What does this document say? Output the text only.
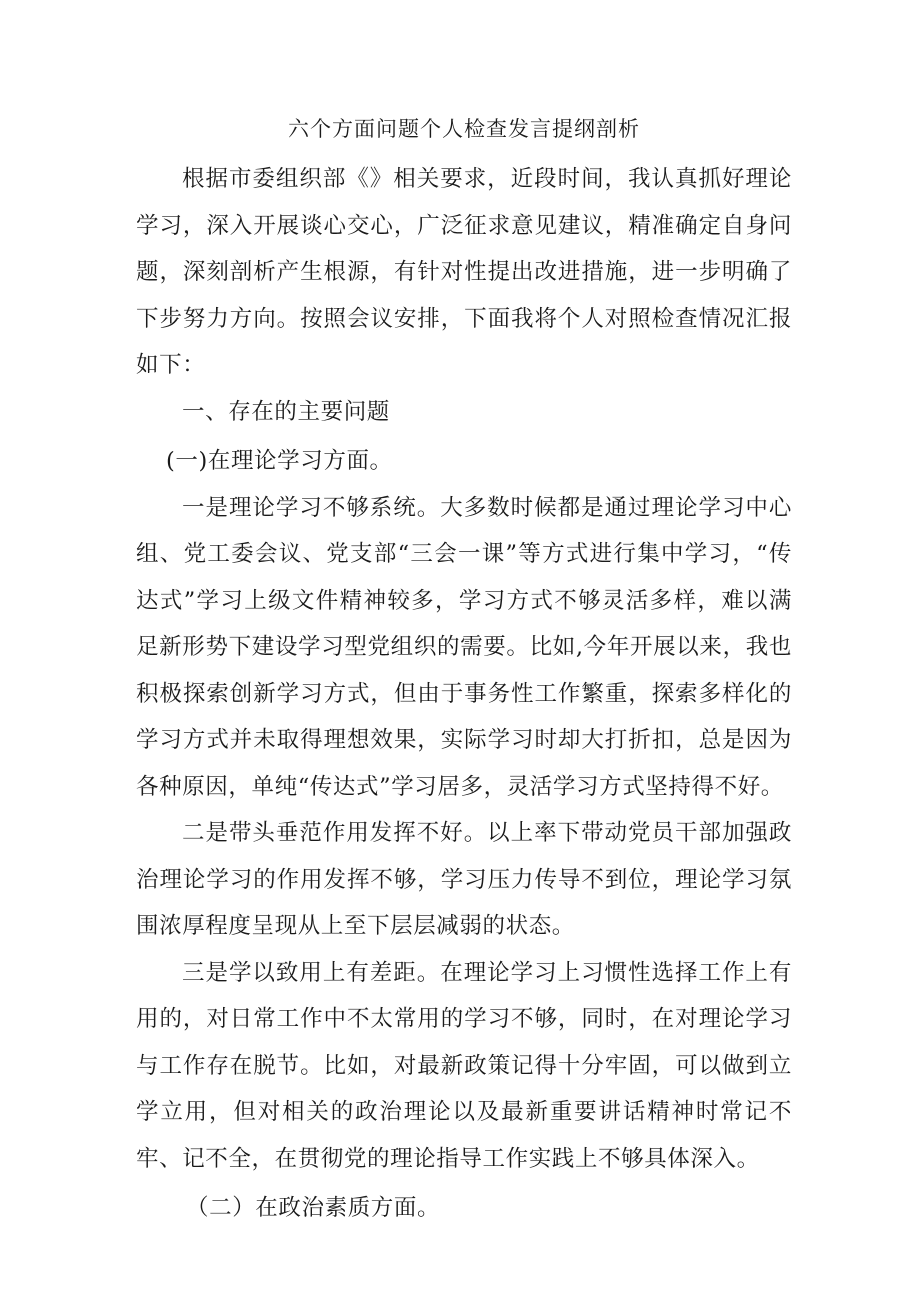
六个方面问题个人检查发言提纲剖析

根据市委组织部《》相关要求，近段时间，我认真抓好理论学习，深入开展谈心交心，广泛征求意见建议，精准确定自身问题，深刻剖析产生根源，有针对性提出改进措施，进一步明确了下步努力方向。按照会议安排，下面我将个人对照检查情况汇报如下：

一、存在的主要问题

(一)在理论学习方面。

一是理论学习不够系统。大多数时候都是通过理论学习中心组、党工委会议、党支部“三会一课”等方式进行集中学习，“传达式”学习上级文件精神较多，学习方式不够灵活多样，难以满足新形势下建设学习型党组织的需要。比如,今年开展以来，我也积极探索创新学习方式，但由于事务性工作繁重，探索多样化的学习方式并未取得理想效果，实际学习时却大打折扣，总是因为各种原因，单纯“传达式”学习居多，灵活学习方式坚持得不好。

二是带头垂范作用发挥不好。以上率下带动党员干部加强政治理论学习的作用发挥不够，学习压力传导不到位，理论学习氛围浓厚程度呈现从上至下层层减弱的状态。

三是学以致用上有差距。在理论学习上习惯性选择工作上有用的，对日常工作中不太常用的学习不够，同时，在对理论学习与工作存在脱节。比如，对最新政策记得十分牢固，可以做到立学立用，但对相关的政治理论以及最新重要讲话精神时常记不牢、记不全，在贯彻党的理论指导工作实践上不够具体深入。

（二）在政治素质方面。
